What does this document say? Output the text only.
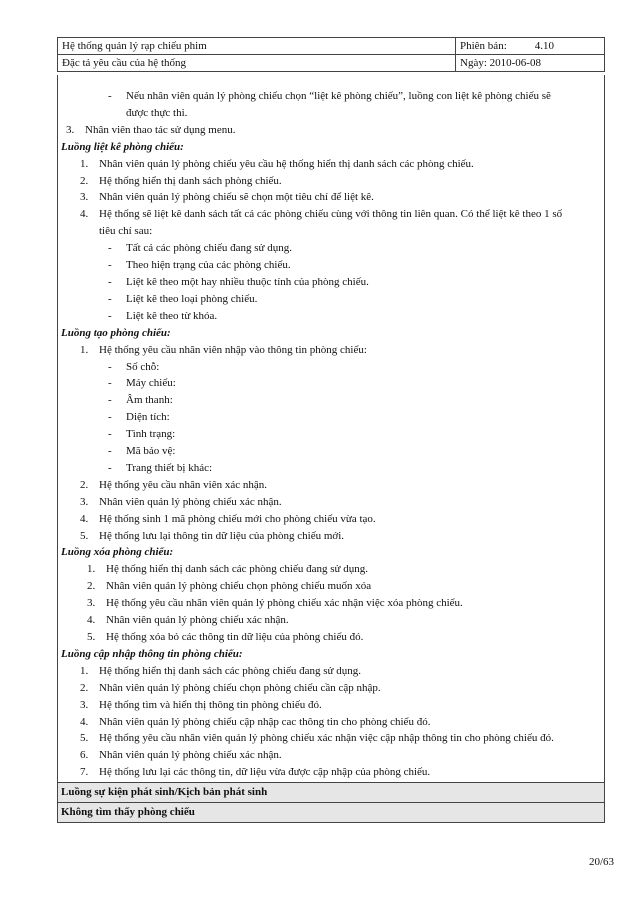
Hệ thống quản lý rạp chiếu phim	Phiên bản: 4.10
Đặc tả yêu cầu của hệ thống	Ngày: 2010-06-08
- Nếu nhân viên quản lý phòng chiếu chọn “liệt kê phòng chiếu”, luồng con liệt kê phòng chiếu sẽ
được thực thi.
3. Nhân viên thao tác sử dụng menu.
Luồng liệt kê phòng chiếu:
1. Nhân viên quản lý phòng chiếu yêu cầu hệ thống hiển thị danh sách các phòng chiếu.
2. Hệ thống hiển thị danh sách phòng chiếu.
3. Nhân viên quản lý phòng chiếu sẽ chọn một tiêu chí để liệt kê.
4. Hệ thống sẽ liệt kê danh sách tất cả các phòng chiếu cùng với thông tin liên quan. Có thể liệt kê theo 1 số
tiêu chí sau:
- Tất cả các phòng chiếu đang sử dụng.
- Theo hiện trạng của các phòng chiếu.
- Liệt kê theo một hay nhiều thuộc tính của phòng chiếu.
- Liệt kê theo loại phòng chiếu.
- Liệt kê theo từ khóa.
Luồng tạo phòng chiếu:
1. Hệ thống yêu cầu nhân viên nhập vào thông tin phòng chiếu:
- Số chỗ:
- Máy chiếu:
- Âm thanh:
- Diện tích:
- Tình trạng:
- Mã bảo vệ:
- Trang thiết bị khác:
2. Hệ thống yêu cầu nhân viên xác nhận.
3. Nhân viên quản lý phòng chiếu xác nhận.
4. Hệ thống sinh 1 mã phòng chiếu mới cho phòng chiếu vừa tạo.
5. Hệ thống lưu lại thông tin dữ liệu của phòng chiếu mới.
Luồng xóa phòng chiếu:
1. Hệ thống hiển thị danh sách các phòng chiếu đang sử dụng.
2. Nhân viên quản lý phòng chiếu chọn phòng chiếu muốn xóa
3. Hệ thống yêu cầu nhân viên quản lý phòng chiếu xác nhận việc xóa phòng chiếu.
4. Nhân viên quản lý phòng chiếu xác nhận.
5. Hệ thống xóa bỏ các thông tin dữ liệu của phòng chiếu đó.
Luồng cập nhập thông tin phòng chiếu:
1. Hệ thống hiển thị danh sách các phòng chiếu đang sử dụng.
2. Nhân viên quản lý phòng chiếu chọn phòng chiếu cần cập nhập.
3. Hệ thống tìm và hiển thị thông tin phòng chiếu đó.
4. Nhân viên quản lý phòng chiếu cập nhập cac thông tin cho phòng chiếu đó.
5. Hệ thống yêu cầu nhân viên quản lý phòng chiếu xác nhận việc cập nhập thông tin cho phòng chiếu đó.
6. Nhân viên quản lý phòng chiếu xác nhận.
7. Hệ thống lưu lại các thông tin, dữ liệu vừa được cập nhập của phòng chiếu.
Luồng sự kiện phát sinh/Kịch bản phát sinh
Không tìm thấy phòng chiếu
20/63
